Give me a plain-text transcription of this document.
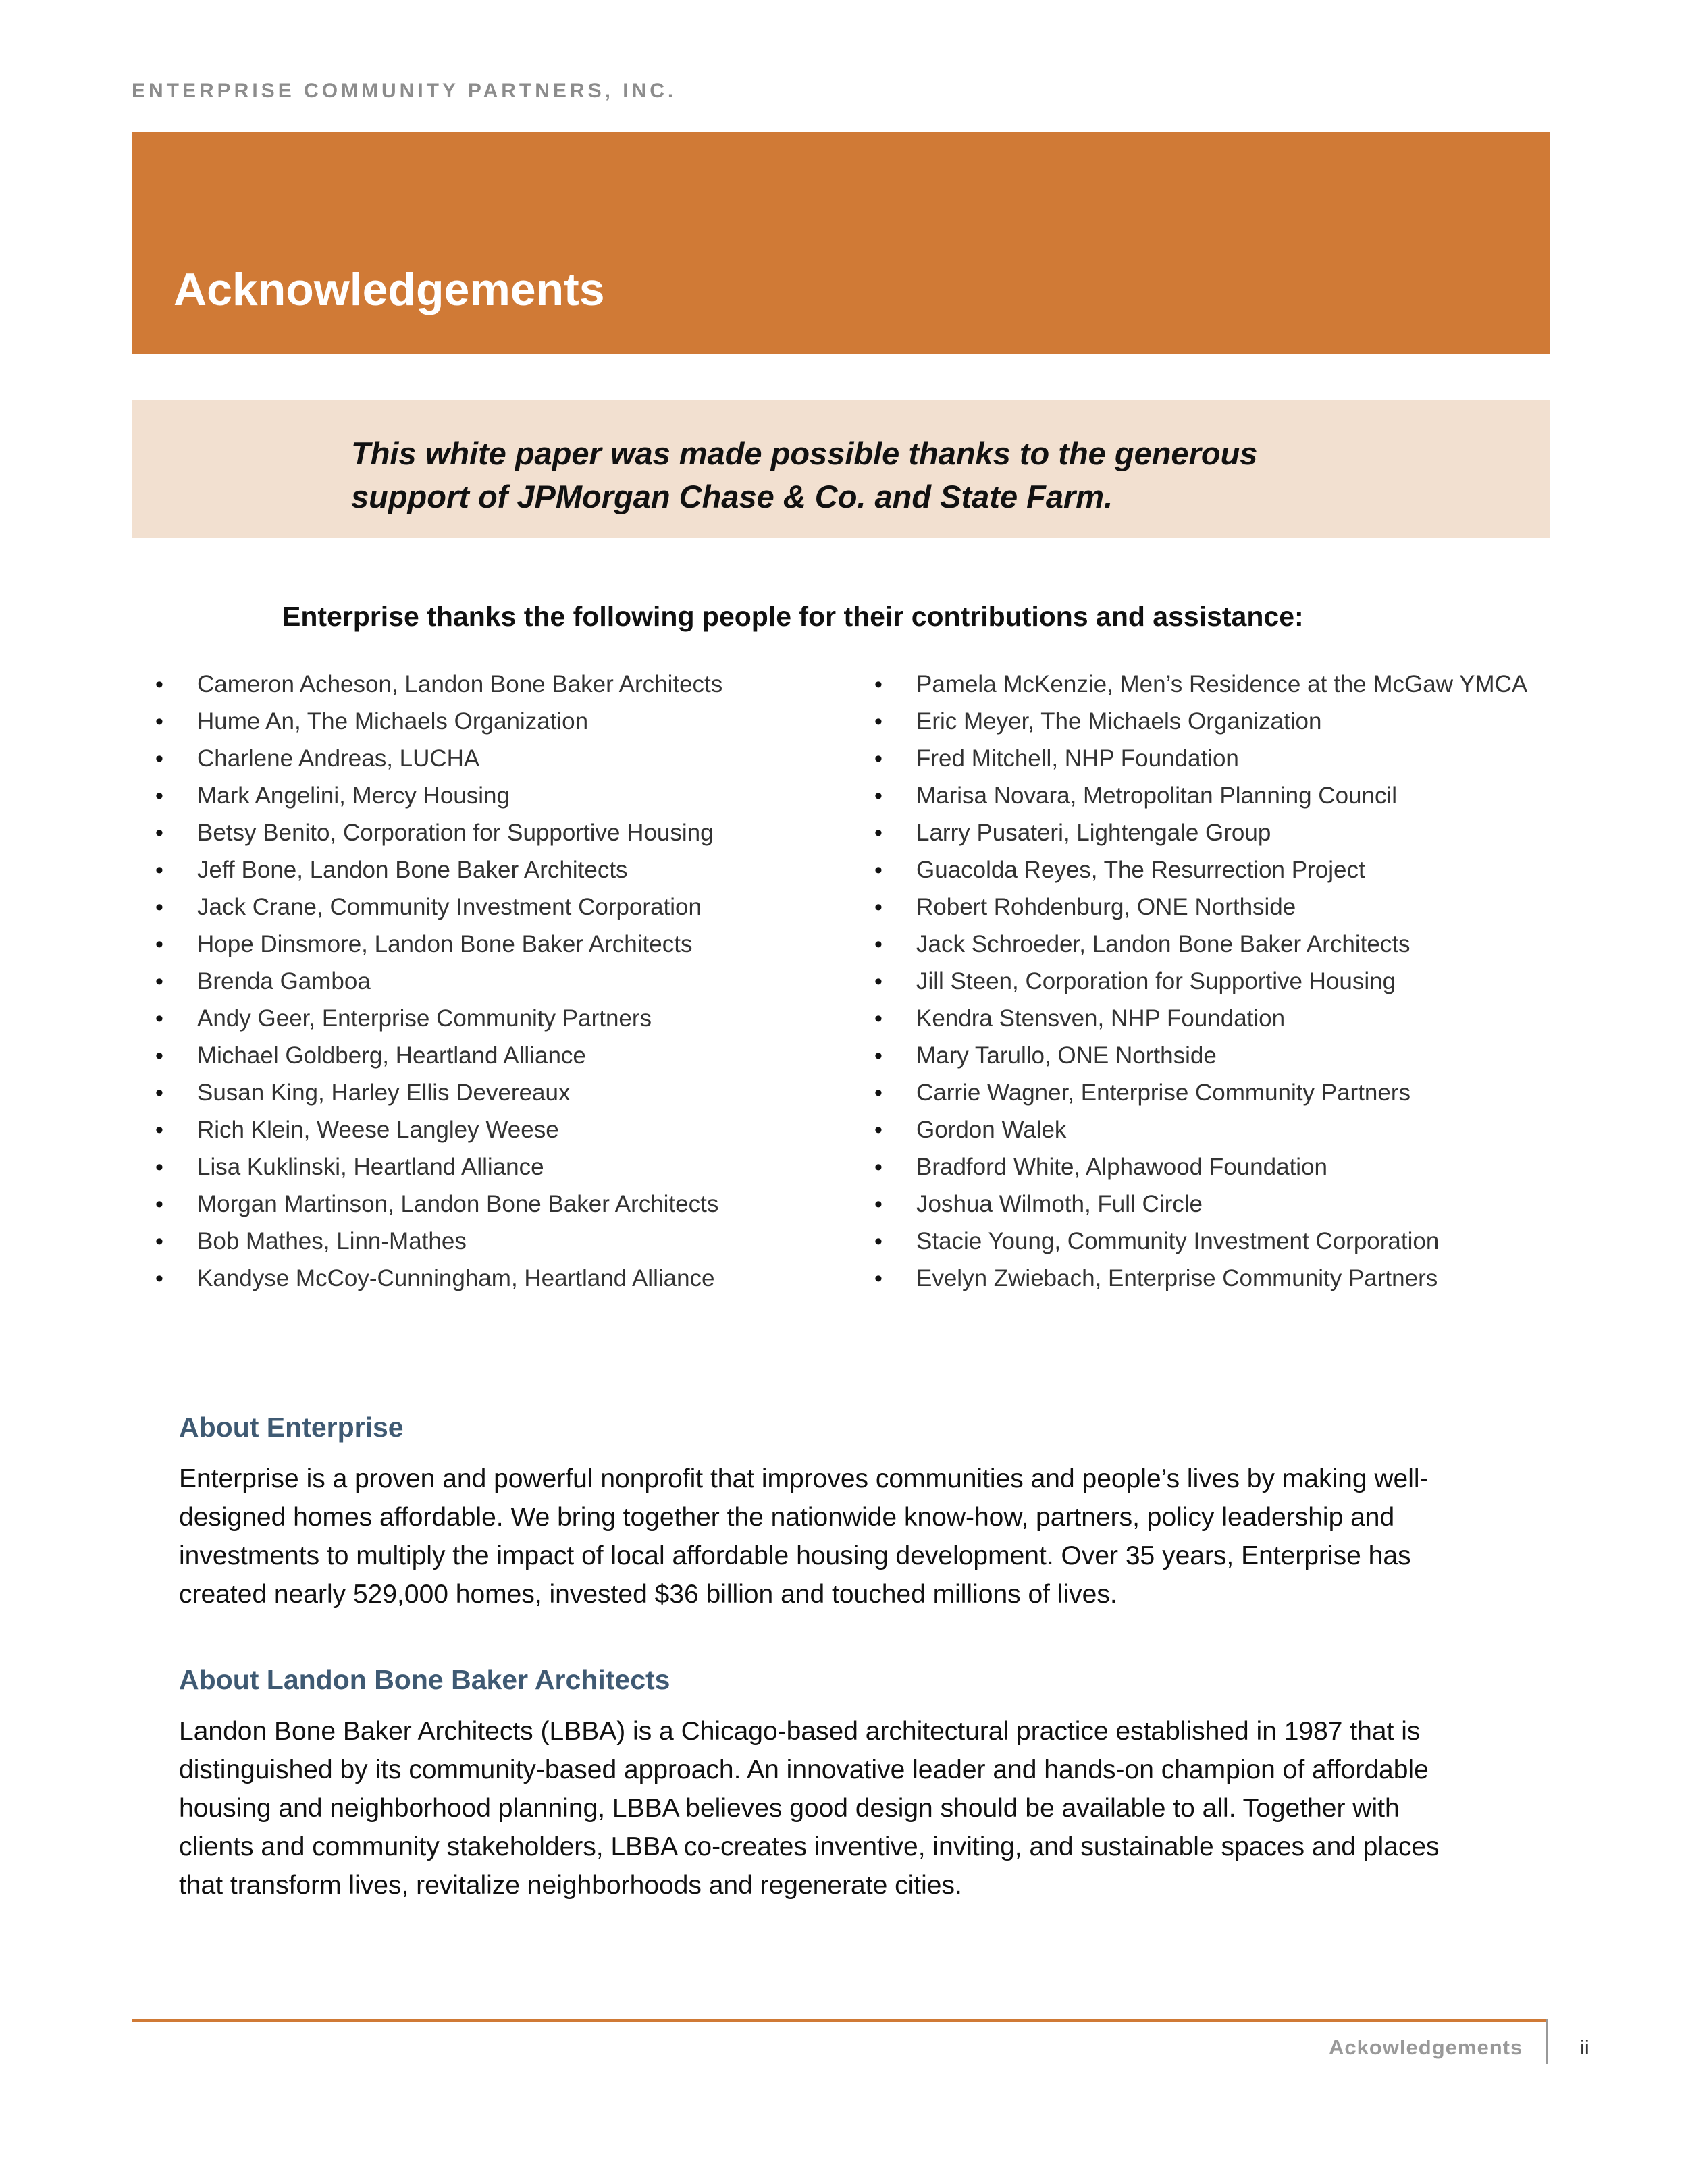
ENTERPRISE COMMUNITY PARTNERS, INC.
Acknowledgements
This white paper was made possible thanks to the generous
support of JPMorgan Chase & Co. and State Farm.
Enterprise thanks the following people for their contributions and assistance:
• Cameron Acheson, Landon Bone Baker Architects
• Hume An, The Michaels Organization
• Charlene Andreas, LUCHA
• Mark Angelini, Mercy Housing
• Betsy Benito, Corporation for Supportive Housing
• Jeff Bone, Landon Bone Baker Architects
• Jack Crane, Community Investment Corporation
• Hope Dinsmore, Landon Bone Baker Architects
• Brenda Gamboa
• Andy Geer, Enterprise Community Partners
• Michael Goldberg, Heartland Alliance
• Susan King, Harley Ellis Devereaux
• Rich Klein, Weese Langley Weese
• Lisa Kuklinski, Heartland Alliance
• Morgan Martinson, Landon Bone Baker Architects
• Bob Mathes, Linn-Mathes
• Kandyse McCoy-Cunningham, Heartland Alliance
• Pamela McKenzie, Men’s Residence at the McGaw YMCA
• Eric Meyer, The Michaels Organization
• Fred Mitchell, NHP Foundation
• Marisa Novara, Metropolitan Planning Council
• Larry Pusateri, Lightengale Group
• Guacolda Reyes, The Resurrection Project
• Robert Rohdenburg, ONE Northside
• Jack Schroeder, Landon Bone Baker Architects
• Jill Steen, Corporation for Supportive Housing
• Kendra Stensven, NHP Foundation
• Mary Tarullo, ONE Northside
• Carrie Wagner, Enterprise Community Partners
• Gordon Walek
• Bradford White, Alphawood Foundation
• Joshua Wilmoth, Full Circle
• Stacie Young, Community Investment Corporation
• Evelyn Zwiebach, Enterprise Community Partners
About Enterprise

Enterprise is a proven and powerful nonprofit that improves communities and people’s lives by making well-
designed homes affordable. We bring together the nationwide know-how, partners, policy leadership and
investments to multiply the impact of local affordable housing development. Over 35 years, Enterprise has
created nearly 529,000 homes, invested $36 billion and touched millions of lives.

About Landon Bone Baker Architects

Landon Bone Baker Architects (LBBA) is a Chicago-based architectural practice established in 1987 that is
distinguished by its community-based approach. An innovative leader and hands-on champion of affordable
housing and neighborhood planning, LBBA believes good design should be available to all. Together with
clients and community stakeholders, LBBA co-creates inventive, inviting, and sustainable spaces and places
that transform lives, revitalize neighborhoods and regenerate cities.

Ackowledgements	ii
